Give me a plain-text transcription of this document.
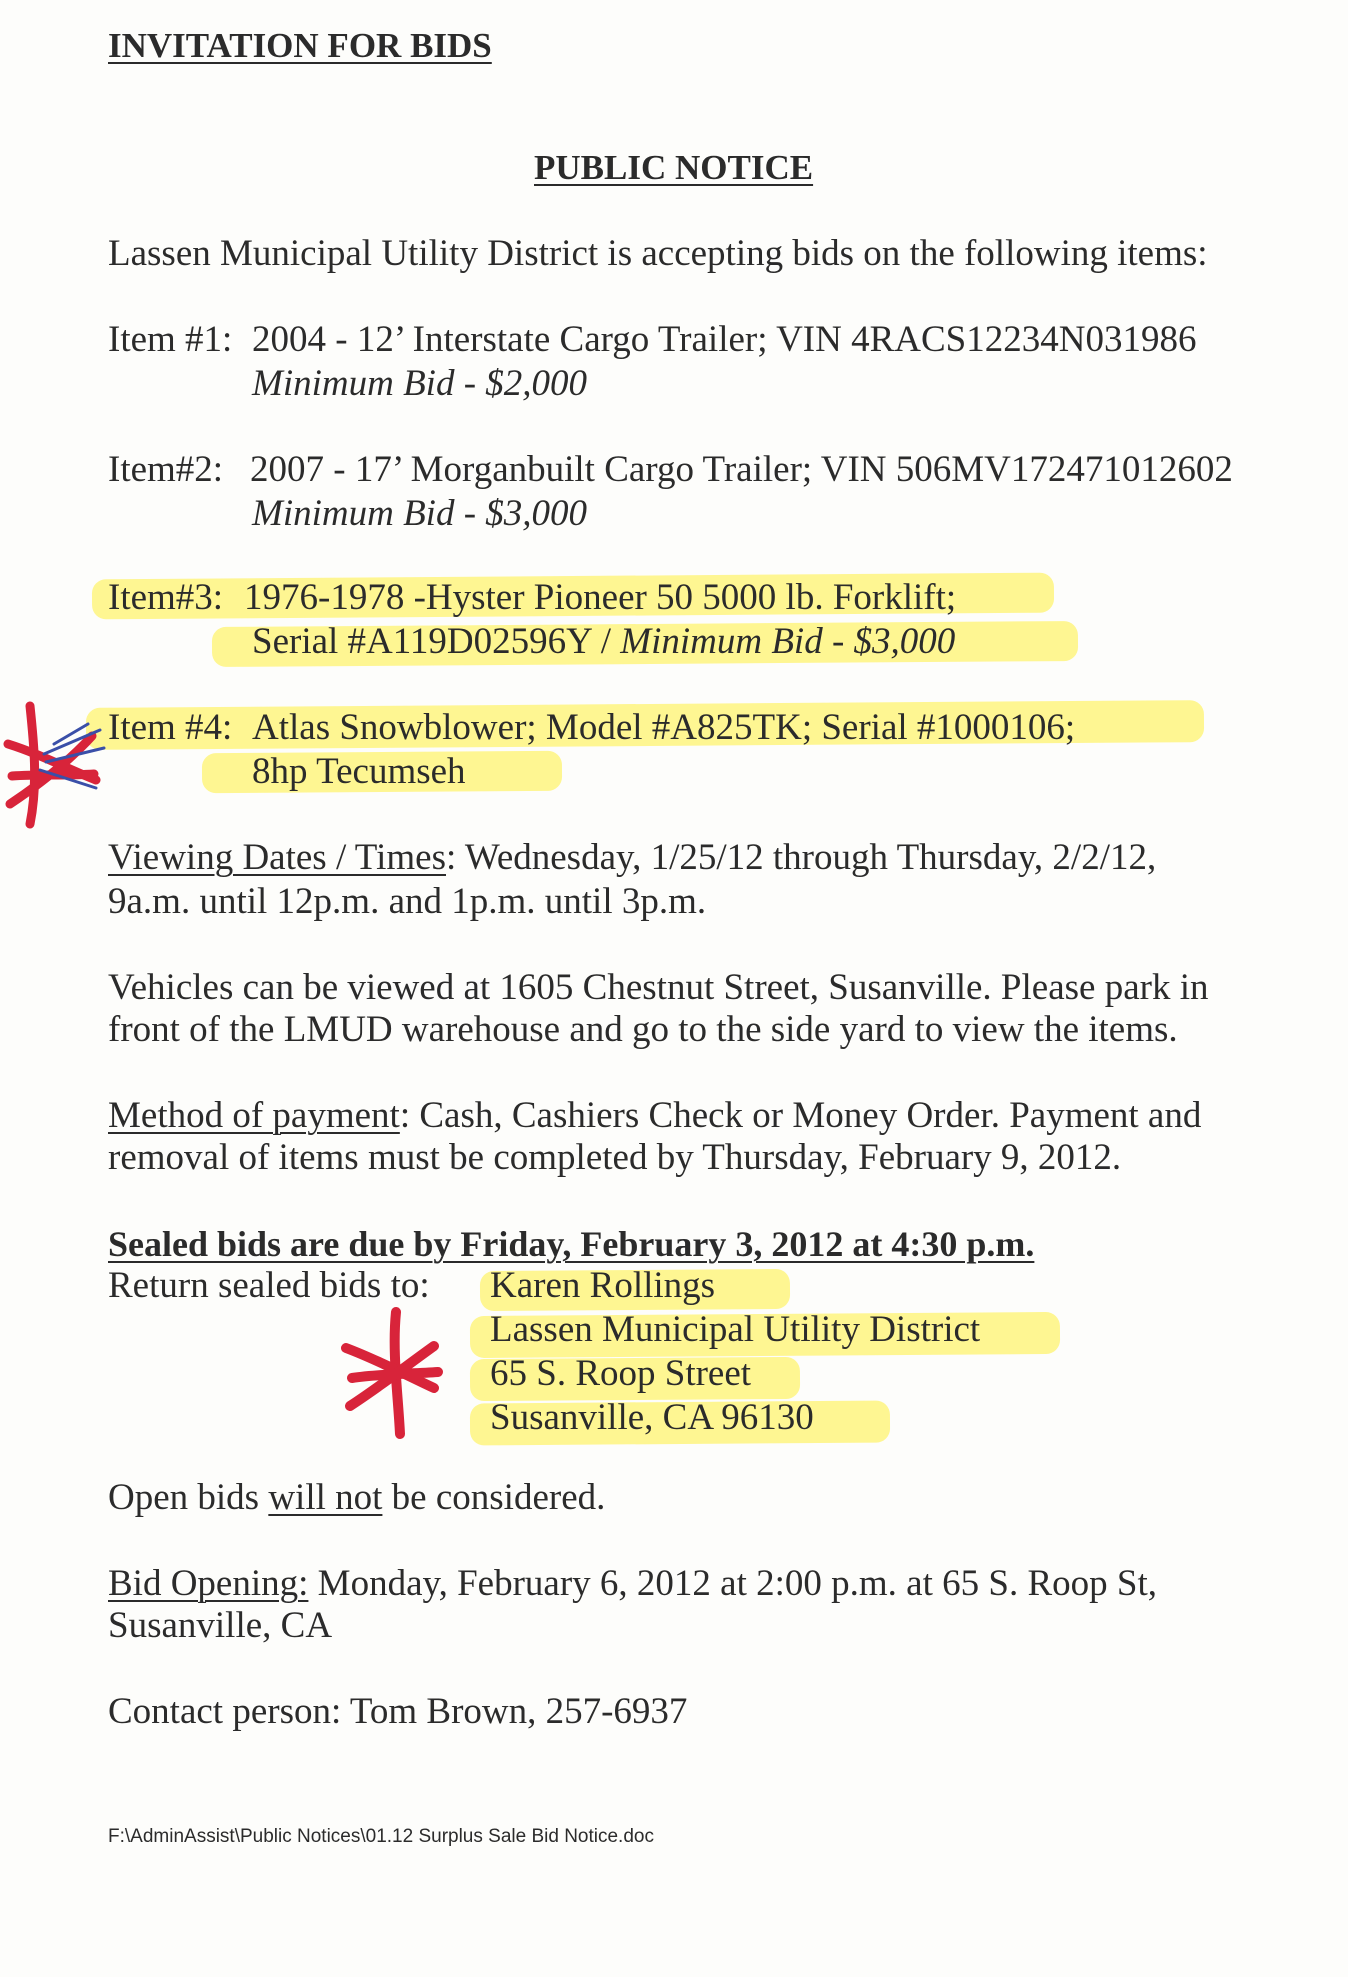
INVITATION FOR BIDS
PUBLIC NOTICE
Lassen Municipal Utility District is accepting bids on the following items:
Item #1: 2004 - 12’ Interstate Cargo Trailer; VIN 4RACS12234N031986
Minimum Bid - $2,000
Item#2: 2007 - 17’ Morganbuilt Cargo Trailer; VIN 506MV172471012602
Minimum Bid - $3,000
Item#3: 1976-1978 -Hyster Pioneer 50 5000 lb. Forklift;
Serial #A119D02596Y / Minimum Bid - $3,000
Item #4: Atlas Snowblower; Model #A825TK; Serial #1000106;
8hp Tecumseh
Viewing Dates / Times: Wednesday, 1/25/12 through Thursday, 2/2/12,
9a.m. until 12p.m. and 1p.m. until 3p.m.
Vehicles can be viewed at 1605 Chestnut Street, Susanville. Please park in
front of the LMUD warehouse and go to the side yard to view the items.
Method of payment: Cash, Cashiers Check or Money Order. Payment and
removal of items must be completed by Thursday, February 9, 2012.
Sealed bids are due by Friday, February 3, 2012 at 4:30 p.m.
Return sealed bids to: Karen Rollings
Lassen Municipal Utility District
65 S. Roop Street
Susanville, CA 96130
Open bids will not be considered.
Bid Opening: Monday, February 6, 2012 at 2:00 p.m. at 65 S. Roop St,
Susanville, CA
Contact person: Tom Brown, 257-6937
F:\AdminAssist\Public Notices\01.12 Surplus Sale Bid Notice.doc
